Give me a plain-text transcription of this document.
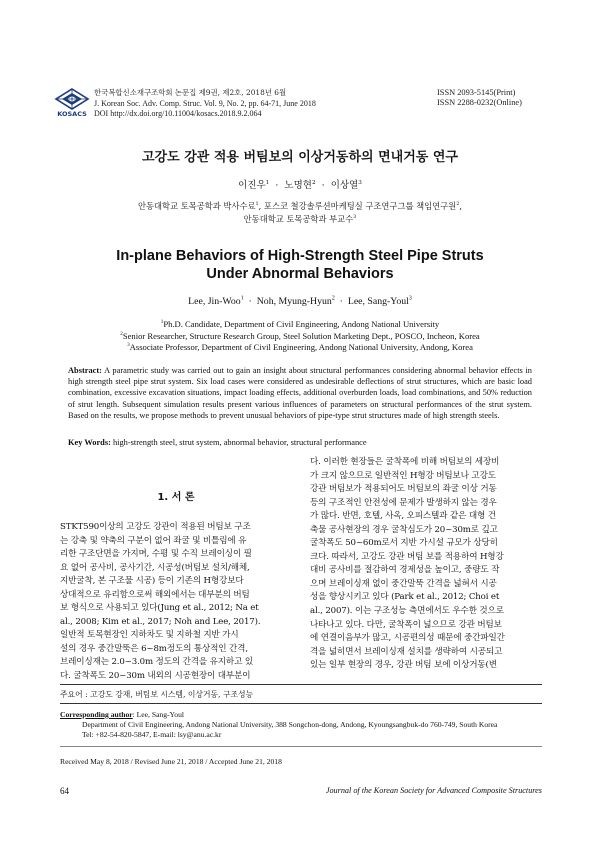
KOSACS
한국복합신소재구조학회 논문집 제9권, 제2호, 2018년 6월
J. Korean Soc. Adv. Comp. Struc. Vol. 9, No. 2, pp. 64-71, June 2018
DOI http://dx.doi.org/10.11004/kosacs.2018.9.2.064
ISSN 2093-5145(Print)
ISSN 2288-0232(Online)
고강도 강관 적용 버팀보의 이상거동하의 면내거동 연구
이진우$^1$ · 노명현$^2$ · 이상열$^3$
안동대학교 토목공학과 박사수료$^1$, 포스코 철강솔루션마케팅실 구조연구그룹 책임연구원$^2$,
안동대학교 토목공학과 부교수$^3$
In-plane Behaviors of High-Strength Steel Pipe Struts
Under Abnormal Behaviors
Lee, Jin-Woo$^1$ · Noh, Myung-Hyun$^2$ · Lee, Sang-Youl$^3$
$^1$Ph.D. Candidate, Department of Civil Engineering, Andong National University
$^2$Senior Researcher, Structure Research Group, Steel Solution Marketing Dept., POSCO, Incheon, Korea
$^3$Associate Professor, Department of Civil Engineering, Andong National University, Andong, Korea
Abstract: A parametric study was carried out to gain an insight about structural performances considering abnormal behavior effects in high strength steel pipe strut system. Six load cases were considered as undesirable deflections of strut structures, which are basic load combination, excessive excavation situations, impact loading effects, additional overburden loads, load combinations, and 50% reduction of strut length. Subsequent simulation results present various influences of parameters on structural performances of the strut system. Based on the results, we propose methods to prevent unusual behaviors of pipe-type strut structures made of high strength steels.
Key Words: high-strength steel, strut system, abnormal behavior, structural performance
1. 서 론
STKT590이상의 고강도 강관이 적용된 버팀보 구조
는 강축 및 약축의 구분이 없어 좌굴 및 비틀림에 유
리한 구조단면을 가지며, 수평 및 수직 브레이싱이 필
요 없어 공사비, 공사기간, 시공성(버팀보 설치/해체,
지반굴착, 본 구조물 시공) 등이 기존의 H형강보다
상대적으로 유리함으로써 해외에서는 대부분의 버팀
보 형식으로 사용되고 있다(Jung et al., 2012; Na et
al., 2008; Kim et al., 2017; Noh and Lee, 2017).
일반적 토목현장인 지하차도 및 지하철 지반 가시
설의 경우 중간말뚝은 6~8m정도의 통상적인 간격,
브레이싱재는 2.0~3.0m 정도의 간격을 유지하고 있
다. 굴착폭도 20~30m 내외의 시공현장이 대부분이
다. 이러한 현장들은 굴착폭에 비해 버팀보의 세장비
가 크지 않으므로 일반적인 H형강 버팀보나 고강도
강관 버팀보가 적용되어도 버팀보의 좌굴 이상 거동
등의 구조적인 안전성에 문제가 발생하지 않는 경우
가 많다. 반면, 호텔, 사옥, 오피스텔과 같은 대형 건
축물 공사현장의 경우 굴착심도가 20~30m로 깊고
굴착폭도 50~60m로서 지반 가시설 규모가 상당히
크다. 따라서, 고강도 강관 버팀 보를 적용하여 H형강
대비 공사비를 절감하여 경제성을 높이고, 중량도 작
으며 브레이싱재 없이 중간말뚝 간격을 넓혀서 시공
성을 향상시키고 있다 (Park et al., 2012; Choi et
al., 2007). 이는 구조성능 측면에서도 우수한 것으로
나타나고 있다. 다만, 굴착폭이 넓으므로 강관 버팀보
에 연결이음부가 많고, 시공편의성 때문에 중간파일간
격을 넓히면서 브레이싱재 설치를 생략하여 시공되고
있는 일부 현장의 경우, 강관 버팀 보에 이상거동(변
주요어 : 고강도 강재, 버팀보 시스템, 이상거동, 구조성능
Corresponding author: Lee, Sang-Youl
Department of Civil Engineering, Andong National University, 388 Songchon-dong, Andong, Kyoungsangbuk-do 760-749, South Korea
Tel: +82-54-820-5847, E-mail: lsy@anu.ac.kr
Received May 8, 2018 / Revised June 21, 2018 / Accepted June 21, 2018
64	Journal of the Korean Society for Advanced Composite Structures
